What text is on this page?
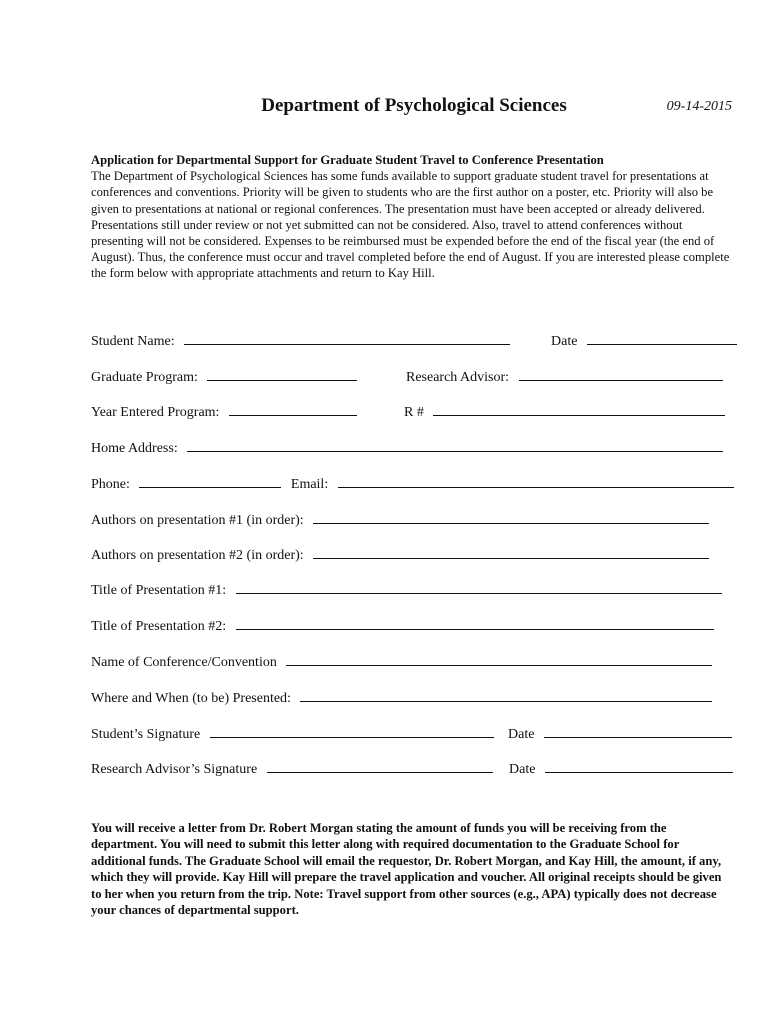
Department of Psychological Sciences	09-14-2015
Application for Departmental Support for Graduate Student Travel to Conference Presentation
The Department of Psychological Sciences has some funds available to support graduate student travel for presentations at conferences and conventions. Priority will be given to students who are the first author on a poster, etc. Priority will also be given to presentations at national or regional conferences. The presentation must have been accepted or already delivered. Presentations still under review or not yet submitted can not be considered. Also, travel to attend conferences without presenting will not be considered. Expenses to be reimbursed must be expended before the end of the fiscal year (the end of August). Thus, the conference must occur and travel completed before the end of August. If you are interested please complete the form below with appropriate attachments and return to Kay Hill.
Student Name:	Date
Graduate Program:	Research Advisor:
Year Entered Program:	R #
Home Address:
Phone:	Email:
Authors on presentation #1 (in order):
Authors on presentation #2 (in order):
Title of Presentation #1:
Title of Presentation #2:
Name of Conference/Convention
Where and When (to be) Presented:
Student’s Signature	Date
Research Advisor’s Signature	Date
You will receive a letter from Dr. Robert Morgan stating the amount of funds you will be receiving from the department. You will need to submit this letter along with required documentation to the Graduate School for additional funds. The Graduate School will email the requestor, Dr. Robert Morgan, and Kay Hill, the amount, if any, which they will provide. Kay Hill will prepare the travel application and voucher. All original receipts should be given to her when you return from the trip. Note: Travel support from other sources (e.g., APA) typically does not decrease your chances of departmental support.
